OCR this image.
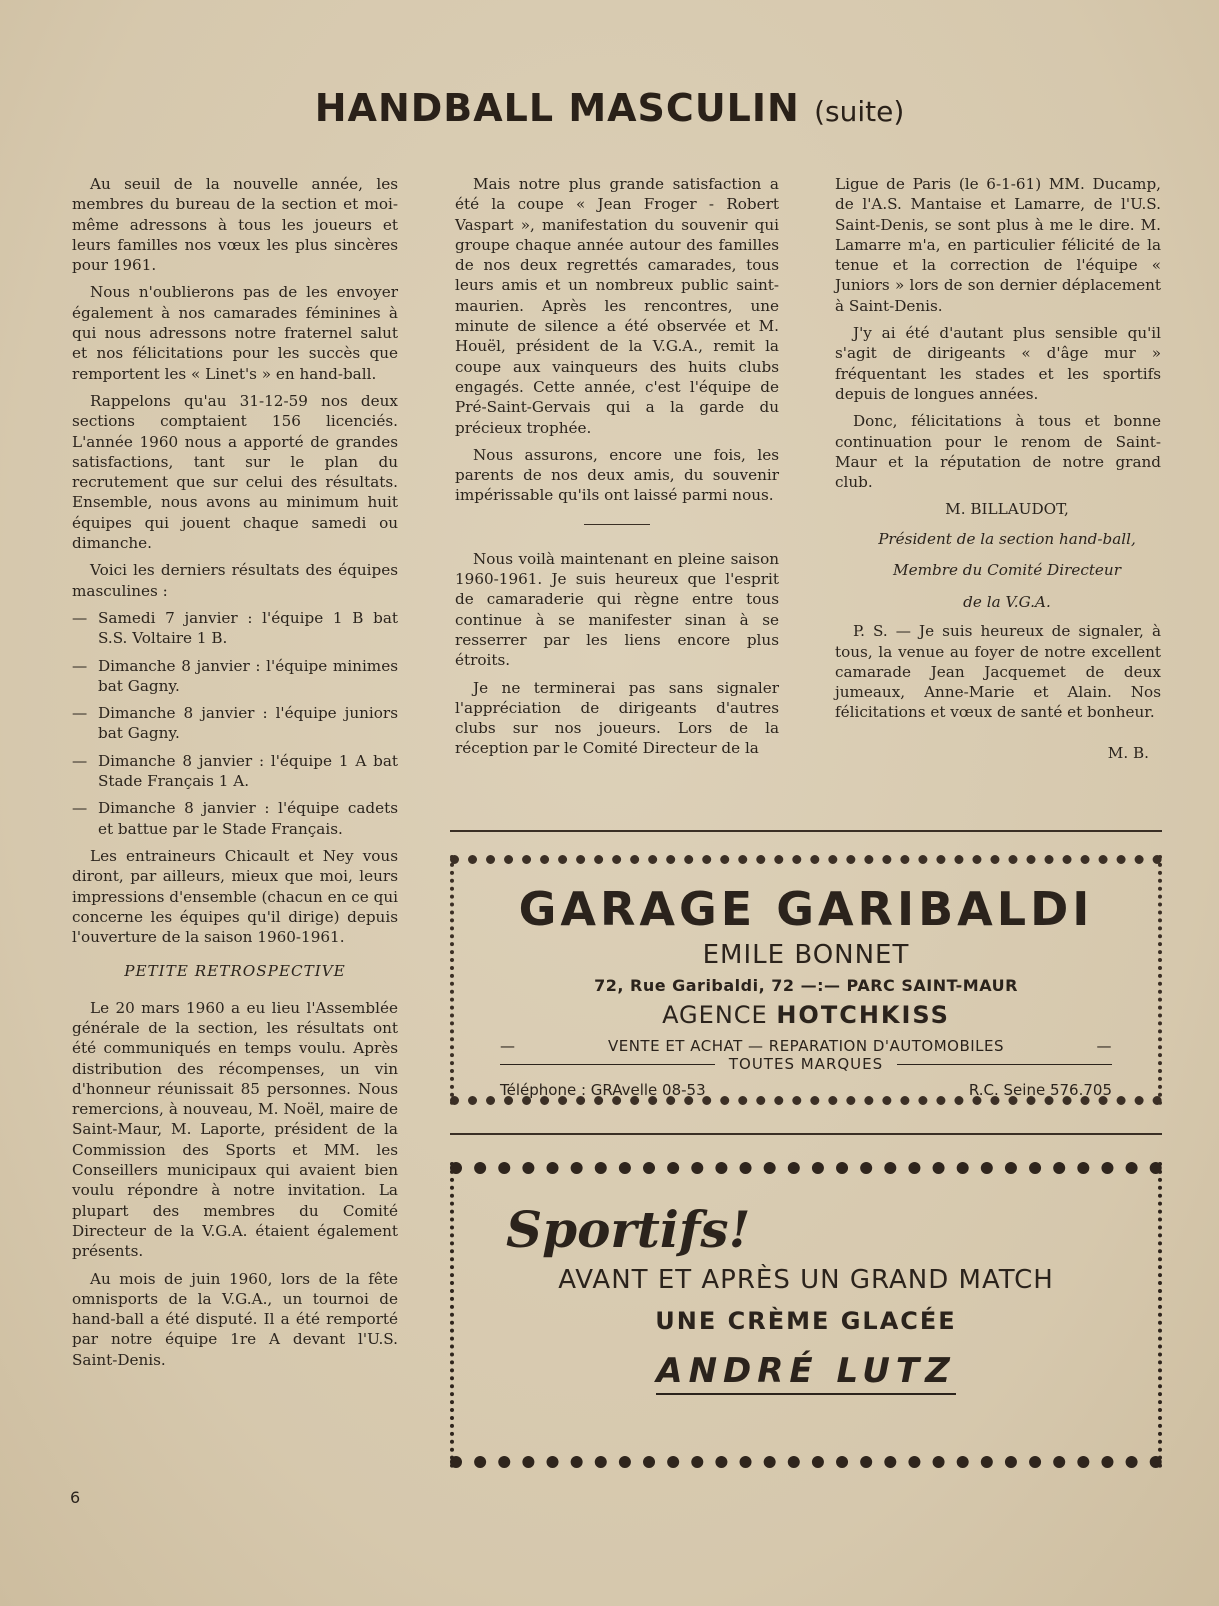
HANDBALL MASCULIN (suite)

Au seuil de la nouvelle année, les membres du bureau de la section et moi-même adressons à tous les joueurs et leurs familles nos vœux les plus sincères pour 1961.

Nous n'oublierons pas de les envoyer également à nos camarades féminines à qui nous adressons notre fraternel salut et nos félicitations pour les succès que remportent les « Linet's » en hand-ball.

Rappelons qu'au 31-12-59 nos deux sections comptaient 156 licenciés. L'année 1960 nous a apporté de grandes satisfactions, tant sur le plan du recrutement que sur celui des résultats. Ensemble, nous avons au minimum huit équipes qui jouent chaque samedi ou dimanche.

Voici les derniers résultats des équipes masculines :

— Samedi 7 janvier : l'équipe 1 B bat S.S. Voltaire 1 B.
— Dimanche 8 janvier : l'équipe minimes bat Gagny.
— Dimanche 8 janvier : l'équipe juniors bat Gagny.
— Dimanche 8 janvier : l'équipe 1 A bat Stade Français 1 A.
— Dimanche 8 janvier : l'équipe cadets et battue par le Stade Français.

Les entraineurs Chicault et Ney vous diront, par ailleurs, mieux que moi, leurs impressions d'ensemble (chacun en ce qui concerne les équipes qu'il dirige) depuis l'ouverture de la saison 1960-1961.

PETITE RETROSPECTIVE

Le 20 mars 1960 a eu lieu l'Assemblée générale de la section, les résultats ont été communiqués en temps voulu. Après distribution des récompenses, un vin d'honneur réunissait 85 personnes. Nous remercions, à nouveau, M. Noël, maire de Saint-Maur, M. Laporte, président de la Commission des Sports et MM. les Conseillers municipaux qui avaient bien voulu répondre à notre invitation. La plupart des membres du Comité Directeur de la V.G.A. étaient également présents.

Au mois de juin 1960, lors de la fête omnisports de la V.G.A., un tournoi de hand-ball a été disputé. Il a été remporté par notre équipe 1re A devant l'U.S. Saint-Denis.

Mais notre plus grande satisfaction a été la coupe « Jean Froger - Robert Vaspart », manifestation du souvenir qui groupe chaque année autour des familles de nos deux regrettés camarades, tous leurs amis et un nombreux public saint-maurien. Après les rencontres, une minute de silence a été observée et M. Houël, président de la V.G.A., remit la coupe aux vainqueurs des huits clubs engagés. Cette année, c'est l'équipe de Pré-Saint-Gervais qui a la garde du précieux trophée.

Nous assurons, encore une fois, les parents de nos deux amis, du souvenir impérissable qu'ils ont laissé parmi nous.

Nous voilà maintenant en pleine saison 1960-1961. Je suis heureux que l'esprit de camaraderie qui règne entre tous continue à se manifester sinan à se resserrer par les liens encore plus étroits.

Je ne terminerai pas sans signaler l'appréciation de dirigeants d'autres clubs sur nos joueurs. Lors de la réception par le Comité Directeur de la

Ligue de Paris (le 6-1-61) MM. Ducamp, de l'A.S. Mantaise et Lamarre, de l'U.S. Saint-Denis, se sont plus à me le dire. M. Lamarre m'a, en particulier félicité de la tenue et la correction de l'équipe « Juniors » lors de son dernier déplacement à Saint-Denis.

J'y ai été d'autant plus sensible qu'il s'agit de dirigeants « d'âge mur » fréquentant les stades et les sportifs depuis de longues années.

Donc, félicitations à tous et bonne continuation pour le renom de Saint-Maur et la réputation de notre grand club.

M. BILLAUDOT,

Président de la section hand-ball,

Membre du Comité Directeur

de la V.G.A.

P. S. — Je suis heureux de signaler, à tous, la venue au foyer de notre excellent camarade Jean Jacquemet de deux jumeaux, Anne-Marie et Alain. Nos félicitations et vœux de santé et bonheur.

M. B.
GARAGE GARIBALDI
EMILE BONNET
72, Rue Garibaldi, 72 —:— PARC SAINT-MAUR
AGENCE HOTCHKISS
—	VENTE ET ACHAT — REPARATION D'AUTOMOBILES	—
TOUTES MARQUES
Téléphone : GRAvelle 08-53	R.C. Seine 576.705
Sportifs!
AVANT ET APRÈS UN GRAND MATCH
UNE CRÈME GLACÉE
ANDRÉ LUTZ
6
